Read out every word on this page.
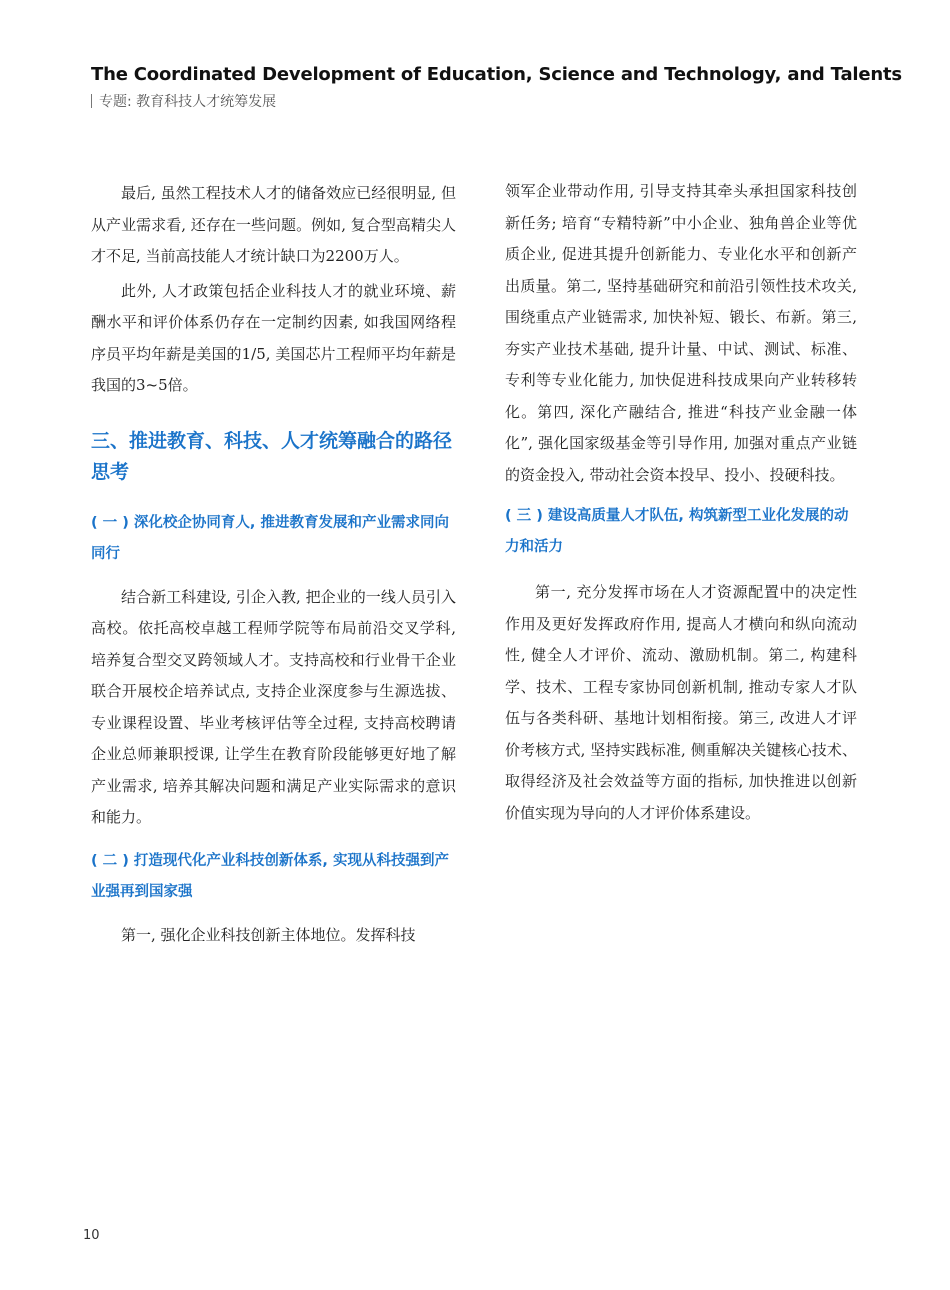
The Coordinated Development of Education, Science and Technology, and Talents
专题: 教育科技人才统筹发展

最后, 虽然工程技术人才的储备效应已经很明显, 但从产业需求看, 还存在一些问题。例如, 复合型高精尖人才不足, 当前高技能人才统计缺口为2200万人。

此外, 人才政策包括企业科技人才的就业环境、薪酬水平和评价体系仍存在一定制约因素, 如我国网络程序员平均年薪是美国的1/5, 美国芯片工程师平均年薪是我国的3~5倍。

三、推进教育、科技、人才统筹融合的路径思考
( 一 ) 深化校企协同育人, 推进教育发展和产业需求同向同行

结合新工科建设, 引企入教, 把企业的一线人员引入高校。依托高校卓越工程师学院等布局前沿交叉学科, 培养复合型交叉跨领域人才。支持高校和行业骨干企业联合开展校企培养试点, 支持企业深度参与生源选拔、专业课程设置、毕业考核评估等全过程, 支持高校聘请企业总师兼职授课, 让学生在教育阶段能够更好地了解产业需求, 培养其解决问题和满足产业实际需求的意识和能力。

( 二 ) 打造现代化产业科技创新体系, 实现从科技强到产业强再到国家强

第一, 强化企业科技创新主体地位。发挥科技

领军企业带动作用, 引导支持其牵头承担国家科技创新任务; 培育“专精特新”中小企业、独角兽企业等优质企业, 促进其提升创新能力、专业化水平和创新产出质量。第二, 坚持基础研究和前沿引领性技术攻关, 围绕重点产业链需求, 加快补短、锻长、布新。第三, 夯实产业技术基础, 提升计量、中试、测试、标准、专利等专业化能力, 加快促进科技成果向产业转移转化。第四, 深化产融结合, 推进“科技产业金融一体化”, 强化国家级基金等引导作用, 加强对重点产业链的资金投入, 带动社会资本投早、投小、投硬科技。

( 三 ) 建设高质量人才队伍, 构筑新型工业化发展的动力和活力

第一, 充分发挥市场在人才资源配置中的决定性作用及更好发挥政府作用, 提高人才横向和纵向流动性, 健全人才评价、流动、激励机制。第二, 构建科学、技术、工程专家协同创新机制, 推动专家人才队伍与各类科研、基地计划相衔接。第三, 改进人才评价考核方式, 坚持实践标准, 侧重解决关键核心技术、取得经济及社会效益等方面的指标, 加快推进以创新价值实现为导向的人才评价体系建设。

10
